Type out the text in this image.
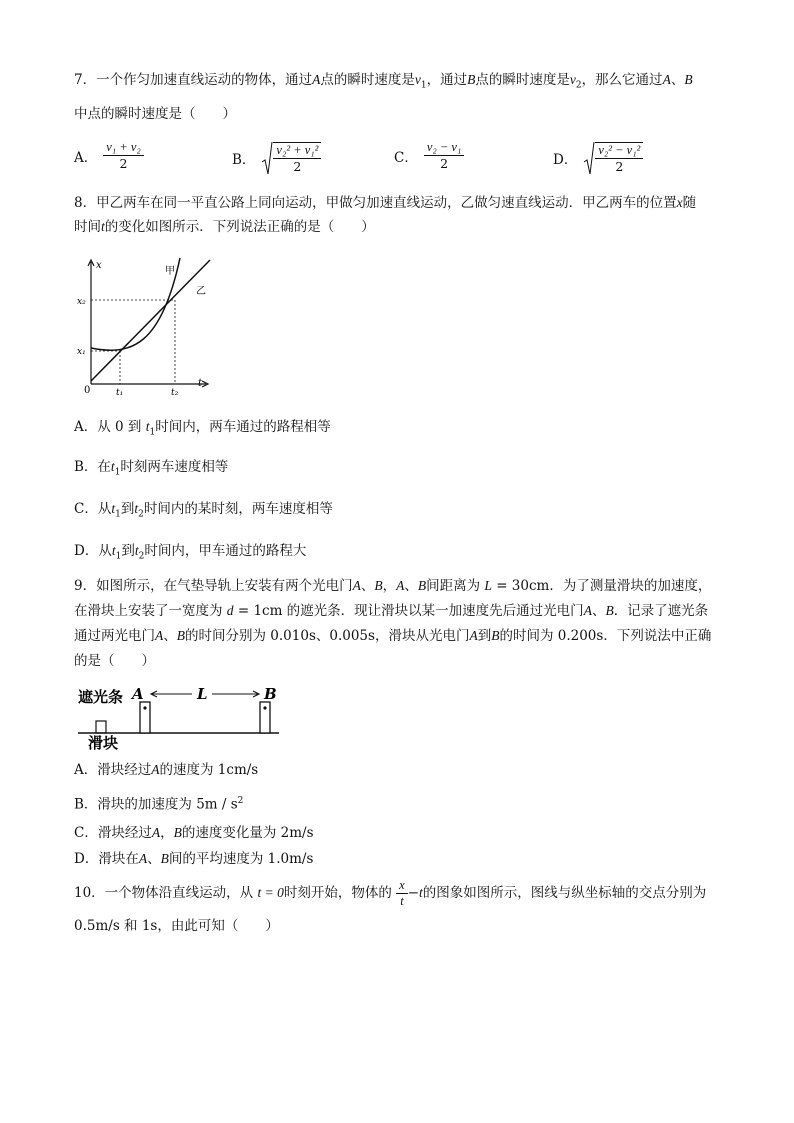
7．一个作匀加速直线运动的物体，通过A点的瞬时速度是$v_1$，通过B点的瞬时速度是$v_2$，那么它通过A、B
中点的瞬时速度是（　　）
A． $\frac{\text{v₁ + v₂}}{2}$	B． $\frac{\text{v₂² + v₁²}}{2}$	C． $\frac{\text{v₂ − v₁}}{2}$	D． $\frac{\text{v₂² − v₁²}}{2}$
8．甲乙两车在同一平直公路上同向运动，甲做匀加速直线运动，乙做匀速直线运动．甲乙两车的位置x随
时间t的变化如图所示．下列说法正确的是（　　）
x
t
0
甲
乙
x₂
x₁
t₁	t₂
A．从 0 到 $t_1$时间内，两车通过的路程相等
B．在$t_1$时刻两车速度相等
C．从$t_1$到$t_2$时间内的某时刻，两车速度相等
D．从$t_1$到$t_2$时间内，甲车通过的路程大
9．如图所示，在气垫导轨上安装有两个光电门A、B，A、B间距离为 L = 30cm．为了测量滑块的加速度，
在滑块上安装了一宽度为 d = 1cm 的遮光条．现让滑块以某一加速度先后通过光电门A、B．记录了遮光条
通过两光电门A、B的时间分别为 0.010s、0.005s，滑块从光电门A到B的时间为 0.200s．下列说法中正确
的是（　　）
遮光条
滑块
A	B
L
A．滑块经过A的速度为 1cm/s
B．滑块的加速度为 $5m / s^2$
C．滑块经过A，B的速度变化量为 2m/s
D．滑块在A、B间的平均速度为 1.0m/s
10．一个物体沿直线运动，从 t = 0时刻开始，物体的 $\frac{x}{t} -t$的图象如图所示，图线与纵坐标轴的交点分别为
0.5m/s 和 1s，由此可知（　　）
